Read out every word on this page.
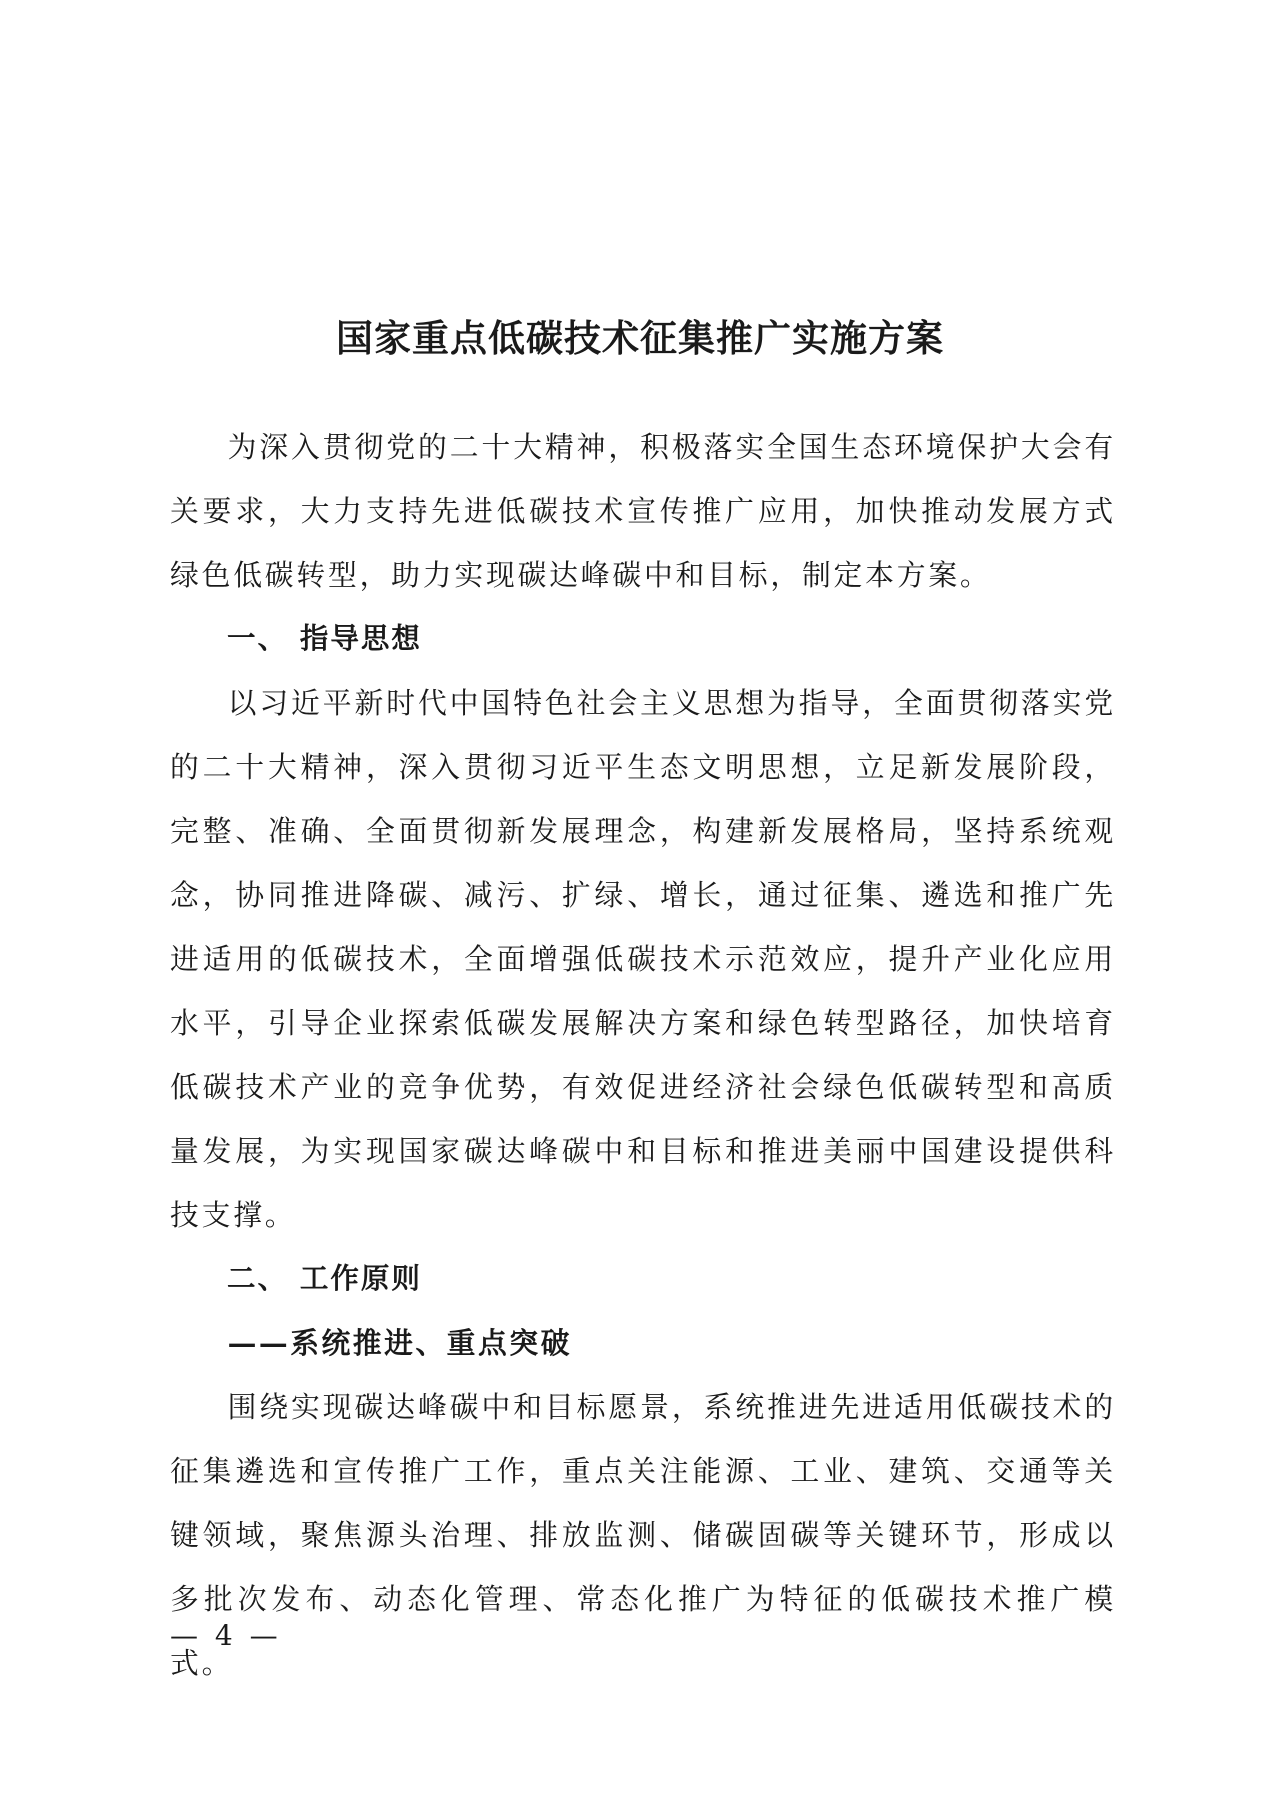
国家重点低碳技术征集推广实施方案

为深入贯彻党的二十大精神，积极落实全国生态环境保护大会有关要求，大力支持先进低碳技术宣传推广应用，加快推动发展方式绿色低碳转型，助力实现碳达峰碳中和目标，制定本方案。

一、 指导思想

以习近平新时代中国特色社会主义思想为指导，全面贯彻落实党的二十大精神，深入贯彻习近平生态文明思想，立足新发展阶段，完整、准确、全面贯彻新发展理念，构建新发展格局，坚持系统观念，协同推进降碳、减污、扩绿、增长，通过征集、遴选和推广先进适用的低碳技术，全面增强低碳技术示范效应，提升产业化应用水平，引导企业探索低碳发展解决方案和绿色转型路径，加快培育低碳技术产业的竞争优势，有效促进经济社会绿色低碳转型和高质量发展，为实现国家碳达峰碳中和目标和推进美丽中国建设提供科技支撑。

二、 工作原则
——系统推进、重点突破

围绕实现碳达峰碳中和目标愿景，系统推进先进适用低碳技术的征集遴选和宣传推广工作，重点关注能源、工业、建筑、交通等关键领域，聚焦源头治理、排放监测、储碳固碳等关键环节，形成以多批次发布、动态化管理、常态化推广为特征的低碳技术推广模式。

— 4 —
